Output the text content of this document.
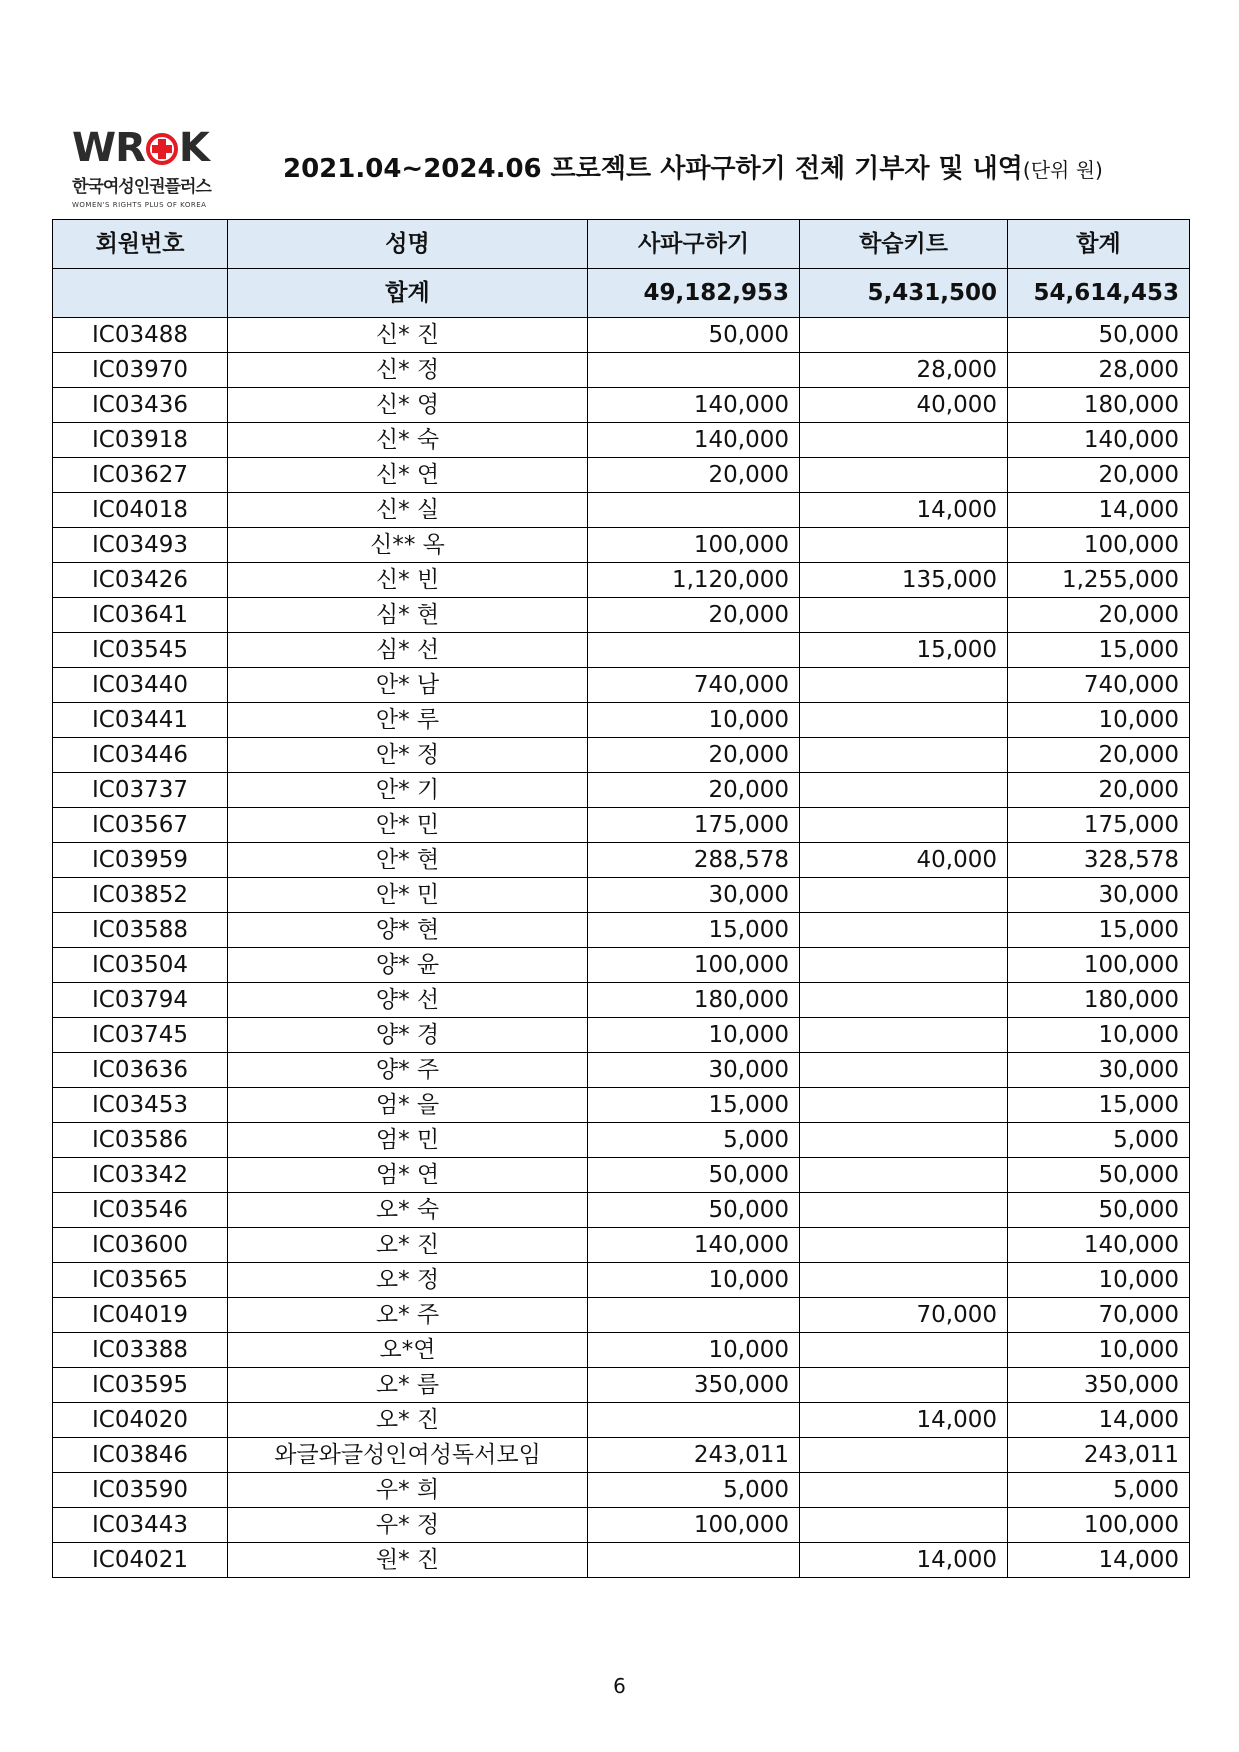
WR K
한국여성인권플러스
WOMEN'S RIGHTS PLUS OF KOREA
2021.04~2024.06 프로젝트 사파구하기 전체 기부자 및 내역(단위 원)
회원번호	성명	사파구하기	학습키트	합계
	합계	49,182,953	5,431,500	54,614,453
IC03488	신* 진	50,000		50,000
IC03970	신* 정		28,000	28,000
IC03436	신* 영	140,000	40,000	180,000
IC03918	신* 숙	140,000		140,000
IC03627	신* 연	20,000		20,000
IC04018	신* 실		14,000	14,000
IC03493	신** 옥	100,000		100,000
IC03426	신* 빈	1,120,000	135,000	1,255,000
IC03641	심* 현	20,000		20,000
IC03545	심* 선		15,000	15,000
IC03440	안* 남	740,000		740,000
IC03441	안* 루	10,000		10,000
IC03446	안* 정	20,000		20,000
IC03737	안* 기	20,000		20,000
IC03567	안* 민	175,000		175,000
IC03959	안* 현	288,578	40,000	328,578
IC03852	안* 민	30,000		30,000
IC03588	양* 현	15,000		15,000
IC03504	양* 윤	100,000		100,000
IC03794	양* 선	180,000		180,000
IC03745	양* 경	10,000		10,000
IC03636	양* 주	30,000		30,000
IC03453	엄* 을	15,000		15,000
IC03586	엄* 민	5,000		5,000
IC03342	엄* 연	50,000		50,000
IC03546	오* 숙	50,000		50,000
IC03600	오* 진	140,000		140,000
IC03565	오* 정	10,000		10,000
IC04019	오* 주		70,000	70,000
IC03388	오*연	10,000		10,000
IC03595	오* 름	350,000		350,000
IC04020	오* 진		14,000	14,000
IC03846	와글와글성인여성독서모임	243,011		243,011
IC03590	우* 희	5,000		5,000
IC03443	우* 정	100,000		100,000
IC04021	원* 진		14,000	14,000
6
